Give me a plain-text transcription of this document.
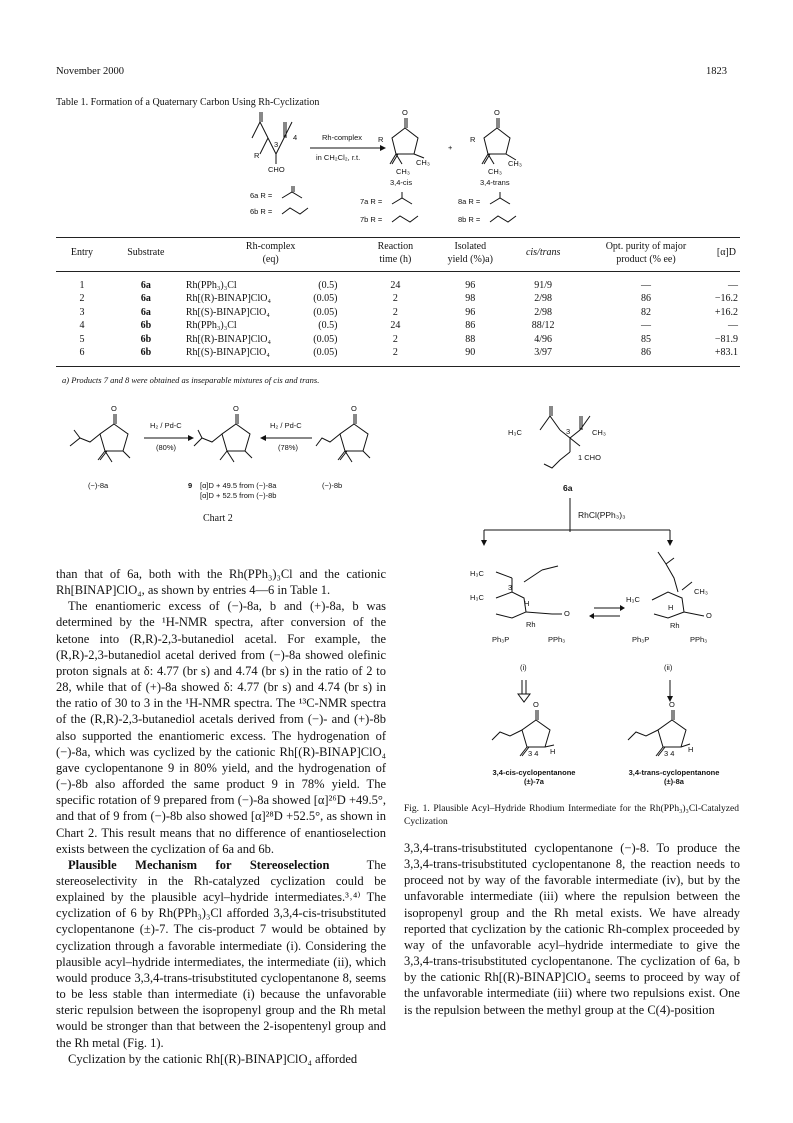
November 2000	1823
Table 1. Formation of a Quaternary Carbon Using Rh-Cyclization
3
4
R
CHO
Rh-complex
in CH₂Cl₂, r.t.
O
R
CH₃
CH₃
3,4-cis
+
O
R
CH₃
CH₃
3,4-trans
6a R =
6b R =
7a R =
7b R =
8a R =
8b R =
Entry	Substrate	Rh-complex
(eq)	Reaction
time (h)	Isolated
yield (%)a)	cis/trans	Opt. purity of major
product (% ee)	[α]D
1	6a	Rh(PPh₃)₃Cl (0.5)	24	96	91/9	—	—
2	6a	Rh[(R)-BINAP]ClO₄ (0.05)	2	98	2/98	86	−16.2
3	6a	Rh[(S)-BINAP]ClO₄ (0.05)	2	96	2/98	82	+16.2
4	6b	Rh(PPh₃)₃Cl (0.5)	24	86	88/12	—	—
5	6b	Rh[(R)-BINAP]ClO₄ (0.05)	2	88	4/96	85	−81.9
6	6b	Rh[(S)-BINAP]ClO₄ (0.05)	2	90	3/97	86	+83.1
a) Products 7 and 8 were obtained as inseparable mixtures of cis and trans.
O
(−)-8a
H₂ / Pd-C
(80%)
O
9 [α]D + 49.5 from (−)-8a
[α]D + 52.5 from (−)-8b
H₂ / Pd-C
(78%)
O
(−)-8b
Chart 2
H₃C	CH₃
3
1 CHO
6a
RhCl(PPh₃)₃
H₃C
H₃C
H
Rh
O
Ph₃P	PPh₃
3
(i)
H₃C
CH₃
H
Rh
O
Ph₃P	PPh₃
(ii)
O
H
3 4
O
H
3 4
3,4-cis-cyclopentanone
(±)-7a
3,4-trans-cyclopentanone
(±)-8a
Fig. 1. Plausible Acyl–Hydride Rhodium Intermediate for the Rh(PPh₃)₃Cl-Catalyzed Cyclization

than that of 6a, both with the Rh(PPh₃)₃Cl and the cationic Rh[BINAP]ClO₄, as shown by entries 4—6 in Table 1.

The enantiomeric excess of (−)-8a, b and (+)-8a, b was determined by the ¹H-NMR spectra, after conversion of the ketone into (R,R)-2,3-butanediol acetal. For example, the (R,R)-2,3-butanediol acetal derived from (−)-8a showed olefinic proton signals at δ: 4.77 (br s) and 4.74 (br s) in the ratio of 2 to 28, while that of (+)-8a showed δ: 4.77 (br s) and 4.74 (br s) in the ratio of 30 to 3 in the ¹H-NMR spectra. The ¹³C-NMR spectra of the (R,R)-2,3-butanediol acetals derived from (−)- and (+)-8b also supported the enantiomeric excess. The hydrogenation of (−)-8a, which was cyclized by the cationic Rh[(R)-BINAP]ClO₄ gave cyclopentanone 9 in 80% yield, and the hydrogenation of (−)-8b also afforded the same product 9 in 78% yield. The specific rotation of 9 prepared from (−)-8a showed [α]²⁶D +49.5°, and that of 9 from (−)-8b also showed [α]²⁸D +52.5°, as shown in Chart 2. This result means that no difference of enantioselection exists between the cyclization of 6a and 6b.

Plausible Mechanism for Stereoselection	The stereoselectivity in the Rh-catalyzed cyclization could be explained by the plausible acyl–hydride intermediates.³˒⁴⁾ The cyclization of 6 by Rh(PPh₃)₃Cl afforded 3,3,4-cis-trisubstituted cyclopentanone (±)-7. The cis-product 7 would be obtained by cyclization through a favorable intermediate (i). Considering the plausible acyl–hydride intermediates, the intermediate (ii), which would produce 3,3,4-trans-trisubstituted cyclopentanone 8, seems to be less stable than intermediate (i) because the unfavorable steric repulsion between the isopropenyl group and the Rh metal would be stronger than that between the 2-isopentenyl group and the Rh metal (Fig. 1).

Cyclization by the cationic Rh[(R)-BINAP]ClO₄ afforded

3,3,4-trans-trisubstituted cyclopentanone (−)-8. To produce the 3,3,4-trans-trisubstituted cyclopentanone 8, the reaction needs to proceed not by way of the favorable intermediate (iv), but by the unfavorable intermediate (iii) where the repulsion between the isopropenyl group and the Rh metal exists. We have already reported that cyclization by the cationic Rh-complex proceeded by way of the unfavorable acyl–hydride intermediate to give the 3,3,4-trans-trisubstituted cyclopentanone. The cyclization of 6a, b by the cationic Rh[(R)-BINAP]ClO₄ seems to proceed by way of the unfavorable intermediate (iii) where two repulsions exist. One is the repulsion between the methyl group at the C(4)-position
